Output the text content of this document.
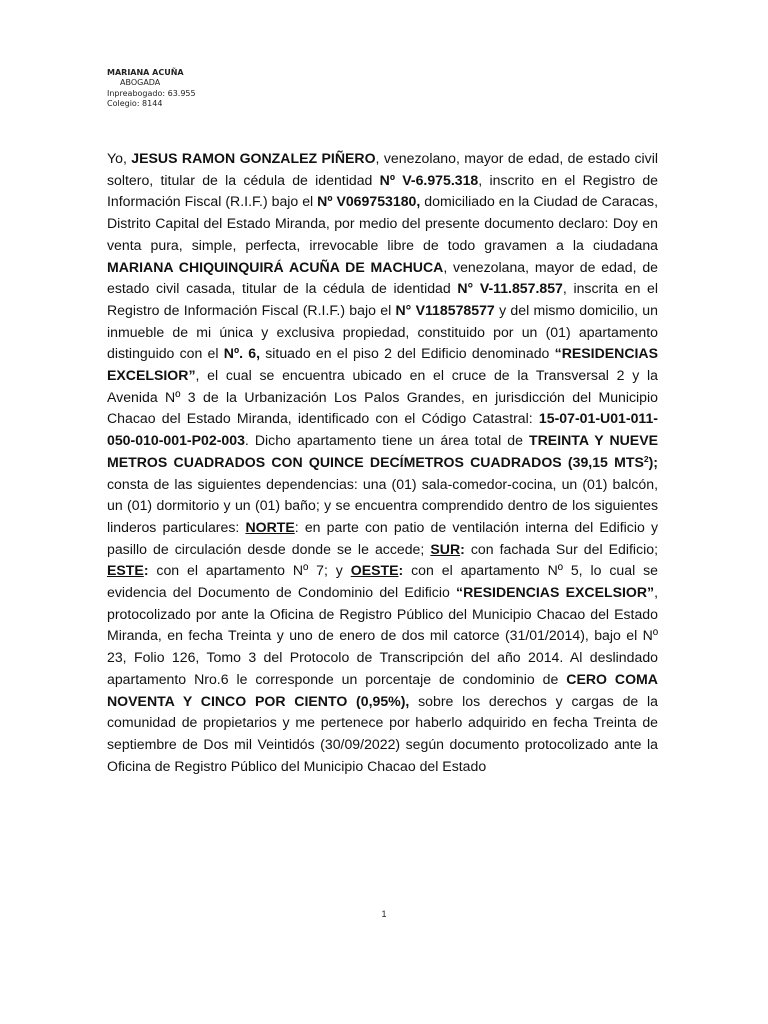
MARIANA ACUÑA
ABOGADA
Inpreabogado: 63.955
Colegio: 8144

Yo, JESUS RAMON GONZALEZ PIÑERO, venezolano, mayor de edad, de estado civil soltero, titular de la cédula de identidad Nº V-6.975.318, inscrito en el Registro de Información Fiscal (R.I.F.) bajo el Nº V069753180, domiciliado en la Ciudad de Caracas, Distrito Capital del Estado Miranda, por medio del presente documento declaro: Doy en venta pura, simple, perfecta, irrevocable libre de todo gravamen a la ciudadana MARIANA CHIQUINQUIRÁ ACUÑA DE MACHUCA, venezolana, mayor de edad, de estado civil casada, titular de la cédula de identidad N° V-11.857.857, inscrita en el Registro de Información Fiscal (R.I.F.) bajo el N° V118578577 y del mismo domicilio, un inmueble de mi única y exclusiva propiedad, constituido por un (01) apartamento distinguido con el Nº. 6, situado en el piso 2 del Edificio denominado “RESIDENCIAS EXCELSIOR”, el cual se encuentra ubicado en el cruce de la Transversal 2 y la Avenida Nº 3 de la Urbanización Los Palos Grandes, en jurisdicción del Municipio Chacao del Estado Miranda, identificado con el Código Catastral: 15-07-01-U01-011-050-010-001-P02-003. Dicho apartamento tiene un área total de TREINTA Y NUEVE METROS CUADRADOS CON QUINCE DECÍMETROS CUADRADOS (39,15 MTS$^2$); consta de las siguientes dependencias: una (01) sala-comedor-cocina, un (01) balcón, un (01) dormitorio y un (01) baño; y se encuentra comprendido dentro de los siguientes linderos particulares: NORTE: en parte con patio de ventilación interna del Edificio y pasillo de circulación desde donde se le accede; SUR: con fachada Sur del Edificio; ESTE: con el apartamento Nº 7; y OESTE: con el apartamento Nº 5, lo cual se evidencia del Documento de Condominio del Edificio “RESIDENCIAS EXCELSIOR”, protocolizado por ante la Oficina de Registro Público del Municipio Chacao del Estado Miranda, en fecha Treinta y uno de enero de dos mil catorce (31/01/2014), bajo el Nº 23, Folio 126, Tomo 3 del Protocolo de Transcripción del año 2014. Al deslindado apartamento Nro.6 le corresponde un porcentaje de condominio de CERO COMA NOVENTA Y CINCO POR CIENTO (0,95%), sobre los derechos y cargas de la comunidad de propietarios y me pertenece por haberlo adquirido en fecha Treinta de septiembre de Dos mil Veintidós (30/09/2022) según documento protocolizado ante la Oficina de Registro Público del Municipio Chacao del Estado

1
